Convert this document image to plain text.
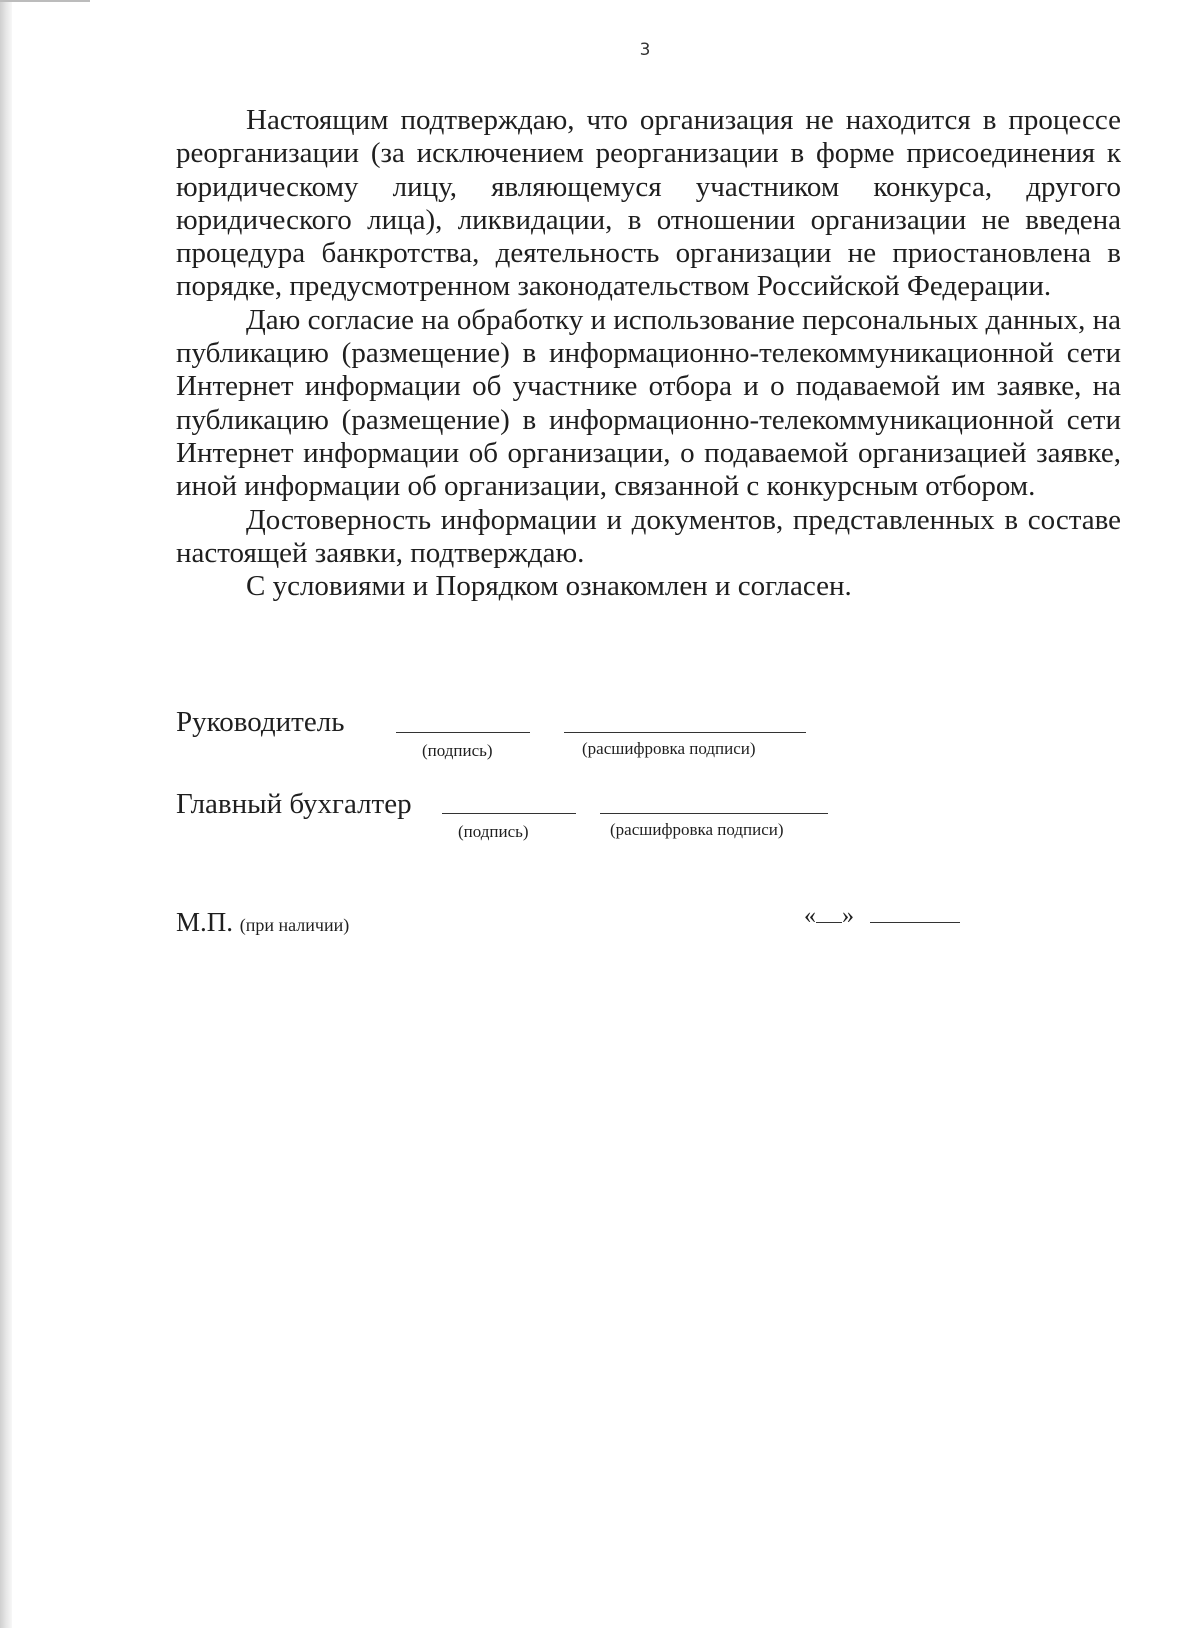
3

Настоящим подтверждаю, что организация не находится в процессе реорганизации (за исключением реорганизации в форме присоединения к юридическому лицу, являющемуся участником конкурса, другого юридического лица), ликвидации, в отношении организации не введена процедура банкротства, деятельность организации не приостановлена в порядке, предусмотренном законодательством Российской Федерации.

Даю согласие на обработку и использование персональных данных, на публикацию (размещение) в информационно-телекоммуникационной сети Интернет информации об участнике отбора и о подаваемой им заявке, на публикацию (размещение) в информационно-телекоммуникационной сети Интернет информации об организации, о подаваемой организацией заявке, иной информации об организации, связанной с конкурсным отбором.

Достоверность информации и документов, представленных в составе настоящей заявки, подтверждаю.

С условиями и Порядком ознакомлен и согласен.

Руководитель
(подпись)	(расшифровка подписи)
Главный бухгалтер
(подпись)	(расшифровка подписи)
М.П. (при наличии)	« »
